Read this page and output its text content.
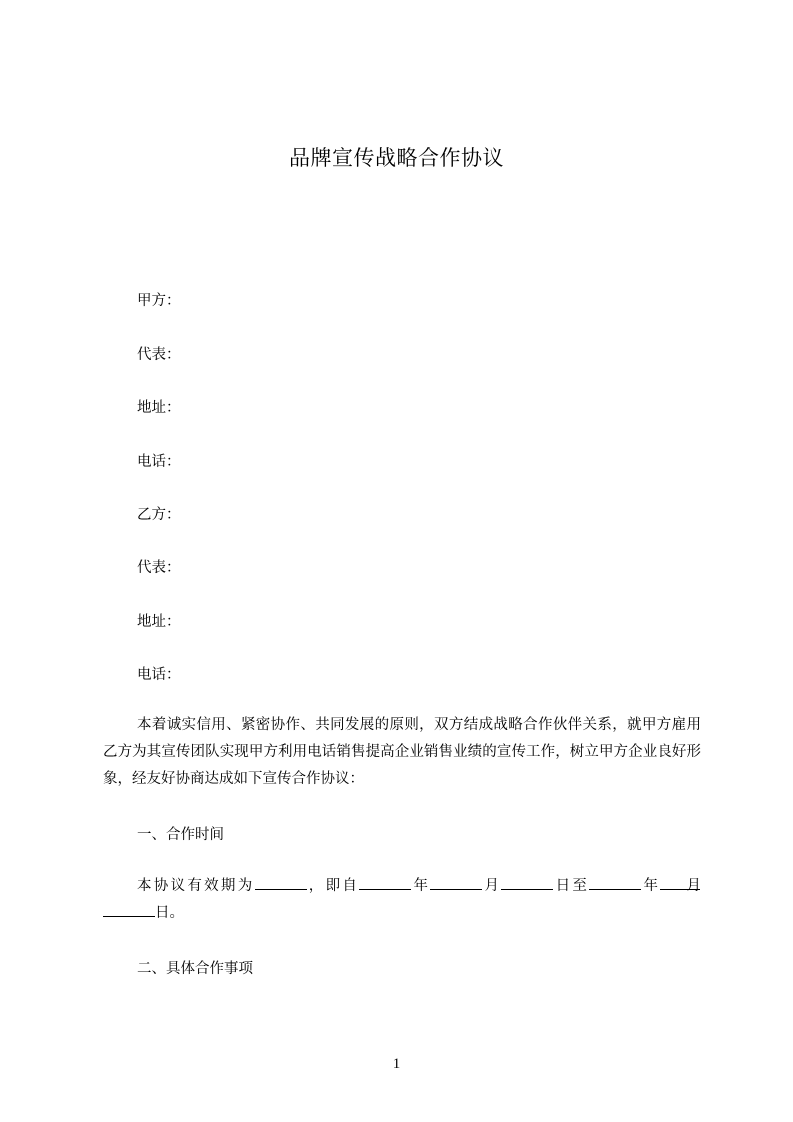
品牌宣传战略合作协议
甲方：
代表：
地址：
电话：
乙方：
代表：
地址：
电话：
本着诚实信用、紧密协作、共同发展的原则，双方结成战略合作伙伴关系，就甲方雇用乙方为其宣传团队实现甲方利用电话销售提高企业销售业绩的宣传工作，树立甲方企业良好形象，经友好协商达成如下宣传合作协议：
一、合作时间
本协议有效期为	，即自	年	月	日至	年 月日。
二、具体合作事项
1
